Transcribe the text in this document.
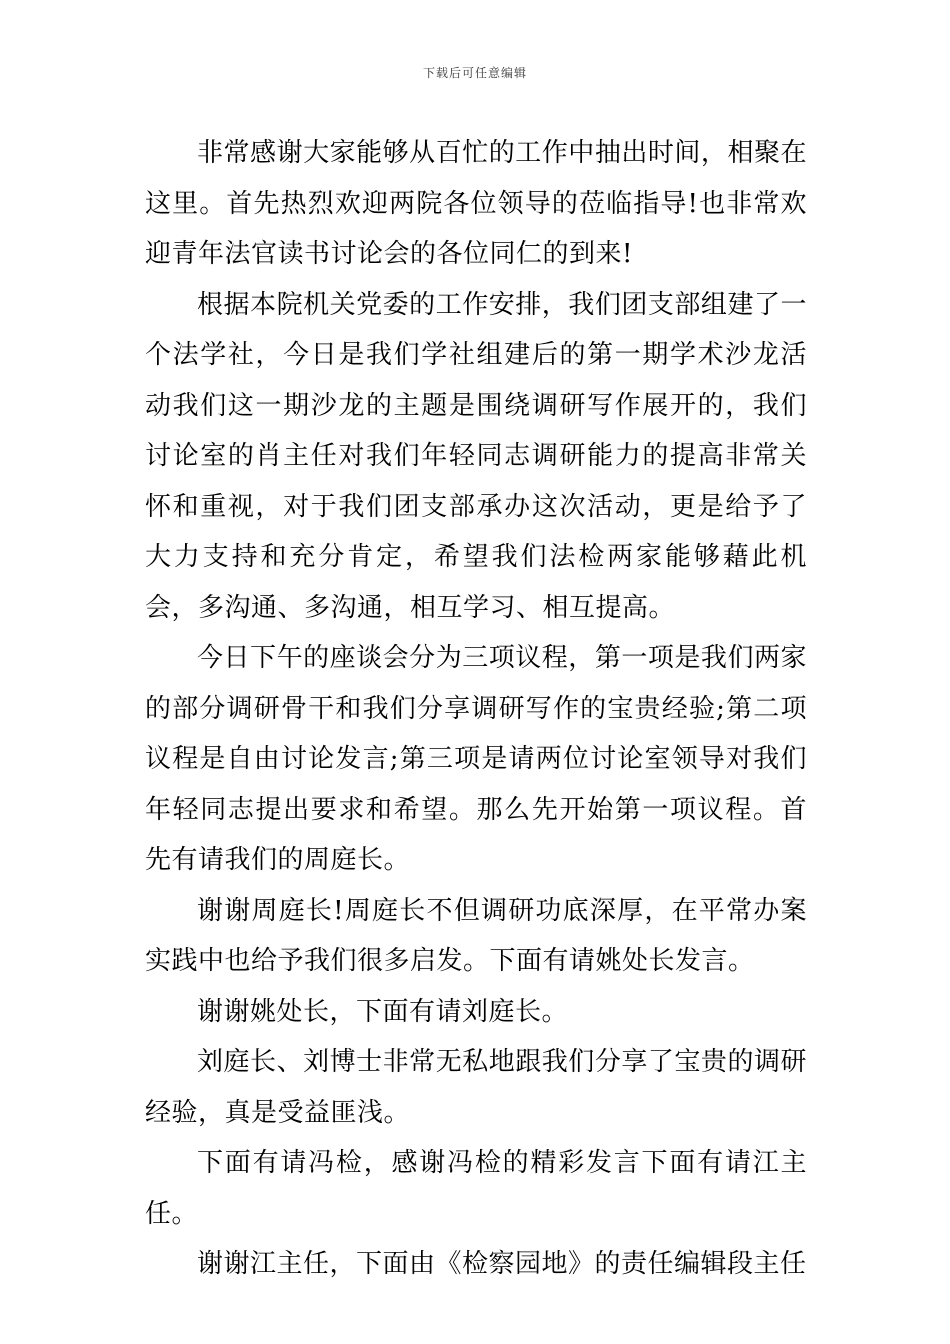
下载后可任意编辑

非常感谢大家能够从百忙的工作中抽出时间，相聚在这里。首先热烈欢迎两院各位领导的莅临指导!也非常欢迎青年法官读书讨论会的各位同仁的到来!

根据本院机关党委的工作安排，我们团支部组建了一个法学社，今日是我们学社组建后的第一期学术沙龙活动我们这一期沙龙的主题是围绕调研写作展开的，我们讨论室的肖主任对我们年轻同志调研能力的提高非常关怀和重视，对于我们团支部承办这次活动，更是给予了大力支持和充分肯定，希望我们法检两家能够藉此机会，多沟通、多沟通，相互学习、相互提高。

今日下午的座谈会分为三项议程，第一项是我们两家的部分调研骨干和我们分享调研写作的宝贵经验;第二项议程是自由讨论发言;第三项是请两位讨论室领导对我们年轻同志提出要求和希望。那么先开始第一项议程。首先有请我们的周庭长。

谢谢周庭长!周庭长不但调研功底深厚，在平常办案实践中也给予我们很多启发。下面有请姚处长发言。

谢谢姚处长，下面有请刘庭长。

刘庭长、刘博士非常无私地跟我们分享了宝贵的调研经验，真是受益匪浅。

下面有请冯检，感谢冯检的精彩发言下面有请江主任。

谢谢江主任，下面由《检察园地》的责任编辑段主任
